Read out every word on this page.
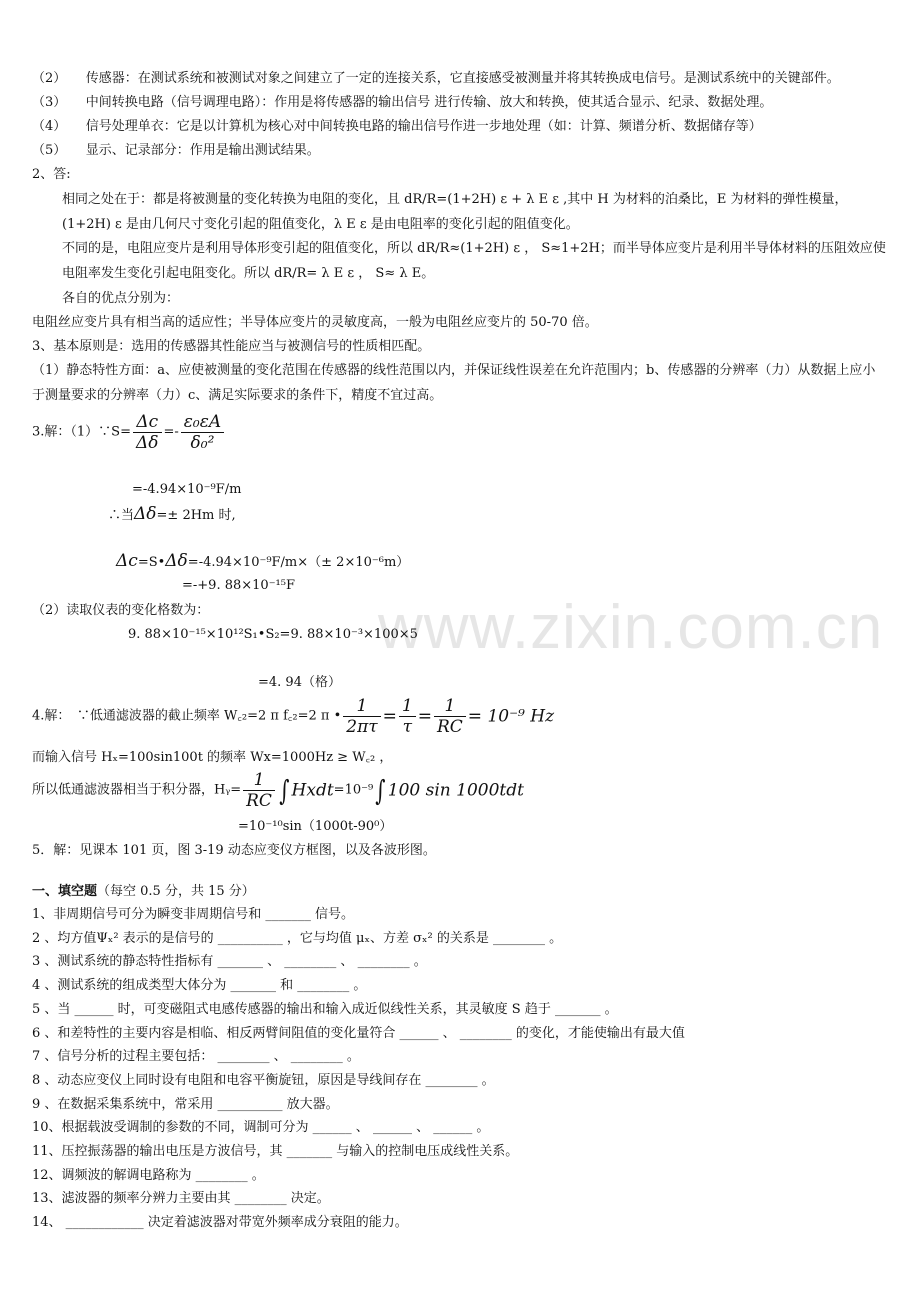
www.zixin.com.cn
（2）　　传感器：在测试系统和被测试对象之间建立了一定的连接关系，它直接感受被测量并将其转换成电信号。是测试系统中的关键部件。
（3）　　中间转换电路（信号调理电路）：作用是将传感器的输出信号 进行传输、放大和转换，使其适合显示、纪录、数据处理。
（4）　　信号处理单衣：它是以计算机为核心对中间转换电路的输出信号作进一步地处理（如：计算、频谱分析、数据储存等）
（5）　　显示、记录部分：作用是输出测试结果。
2、答:
相同之处在于：都是将被测量的变化转换为电阻的变化，且 dR/R=(1+2H) ε + λ E ε ,其中 H 为材料的泊桑比，E 为材料的弹性模量，(1+2H) ε 是由几何尺寸变化引起的阻值变化，λ E ε 是由电阻率的变化引起的阻值变化。
不同的是，电阻应变片是利用导体形变引起的阻值变化，所以 dR/R≈(1+2H) ε ， S≈1+2H；而半导体应变片是利用半导体材料的压阻效应使电阻率发生变化引起电阻变化。所以 dR/R= λ E ε ， S≈ λ E。
各自的优点分别为：
电阻丝应变片具有相当高的适应性；半导体应变片的灵敏度高，一般为电阻丝应变片的 50-70 倍。
3、基本原则是：选用的传感器其性能应当与被测信号的性质相匹配。
（1）静态特性方面：a、应使被测量的变化范围在传感器的线性范围以内，并保证线性误差在允许范围内；b、传感器的分辨率（力）从数据上应小于测量要求的分辨率（力）c、满足实际要求的条件下，精度不宜过高。
3.解：（1）∵S= $\frac{\Delta c}{\Delta\delta} =- \frac{\text{ε₀εA}}{\text{δ₀²}}$
=-4.94×10⁻⁹F/m
∴当Δδ=± 2Hm 时,
Δc=S•Δδ=-4.94×10⁻⁹F/m×（± 2×10⁻⁶m）
=-+9. 88×10⁻¹⁵F
（2）读取仪表的变化格数为：
9. 88×10⁻¹⁵×10¹²S₁•S₂=9. 88×10⁻³×100×5
=4. 94（格）
4.解：　∵低通滤波器的截止频率 W꜀₂=2 π f꜀₂=2 π • $\frac{1}{2\pi\tau} = \frac{1}{\tau} = \frac{1}{RC} = 10^{-9}$ Hz
而输入信号 Hₓ=100sin100t 的频率 Wx=1000Hz ≥ W꜀₂ ，
所以低通滤波器相当于积分器，Hᵧ= $\frac{1}{RC}$ ∫ Hxdt=10⁻⁹∫ 100 sin 1000tdt
=10⁻¹⁰sin（1000t-90⁰）
5．解：见课本 101 页，图 3-19 动态应变仪方框图，以及各波形图。
一、填空题（每空 0.5 分，共 15 分）
1、非周期信号可分为瞬变非周期信号和 _______ 信号。
2 、均方值Ψₓ² 表示的是信号的 __________ ，它与均值 μₓ、方差 σₓ² 的关系是 ________ 。
3 、测试系统的静态特性指标有 _______ 、 ________ 、 ________ 。
4 、测试系统的组成类型大体分为 _______ 和 ________ 。
5 、当 ______ 时，可变磁阻式电感传感器的输出和输入成近似线性关系，其灵敏度 S 趋于 _______ 。
6 、和差特性的主要内容是相临、相反两臂间阻值的变化量符合 ______ 、 ________ 的变化，才能使输出有最大值
7 、信号分析的过程主要包括： ________ 、 ________ 。
8 、动态应变仪上同时设有电阻和电容平衡旋钮，原因是导线间存在 ________ 。
9 、在数据采集系统中，常采用 __________ 放大器。
10、根据载波受调制的参数的不同，调制可分为 ______ 、 ______ 、 ______ 。
11、压控振荡器的输出电压是方波信号，其 _______ 与输入的控制电压成线性关系。
12、调频波的解调电路称为 ________ 。
13、滤波器的频率分辨力主要由其 ________ 决定。
14、 ____________ 决定着滤波器对带宽外频率成分衰阻的能力。
